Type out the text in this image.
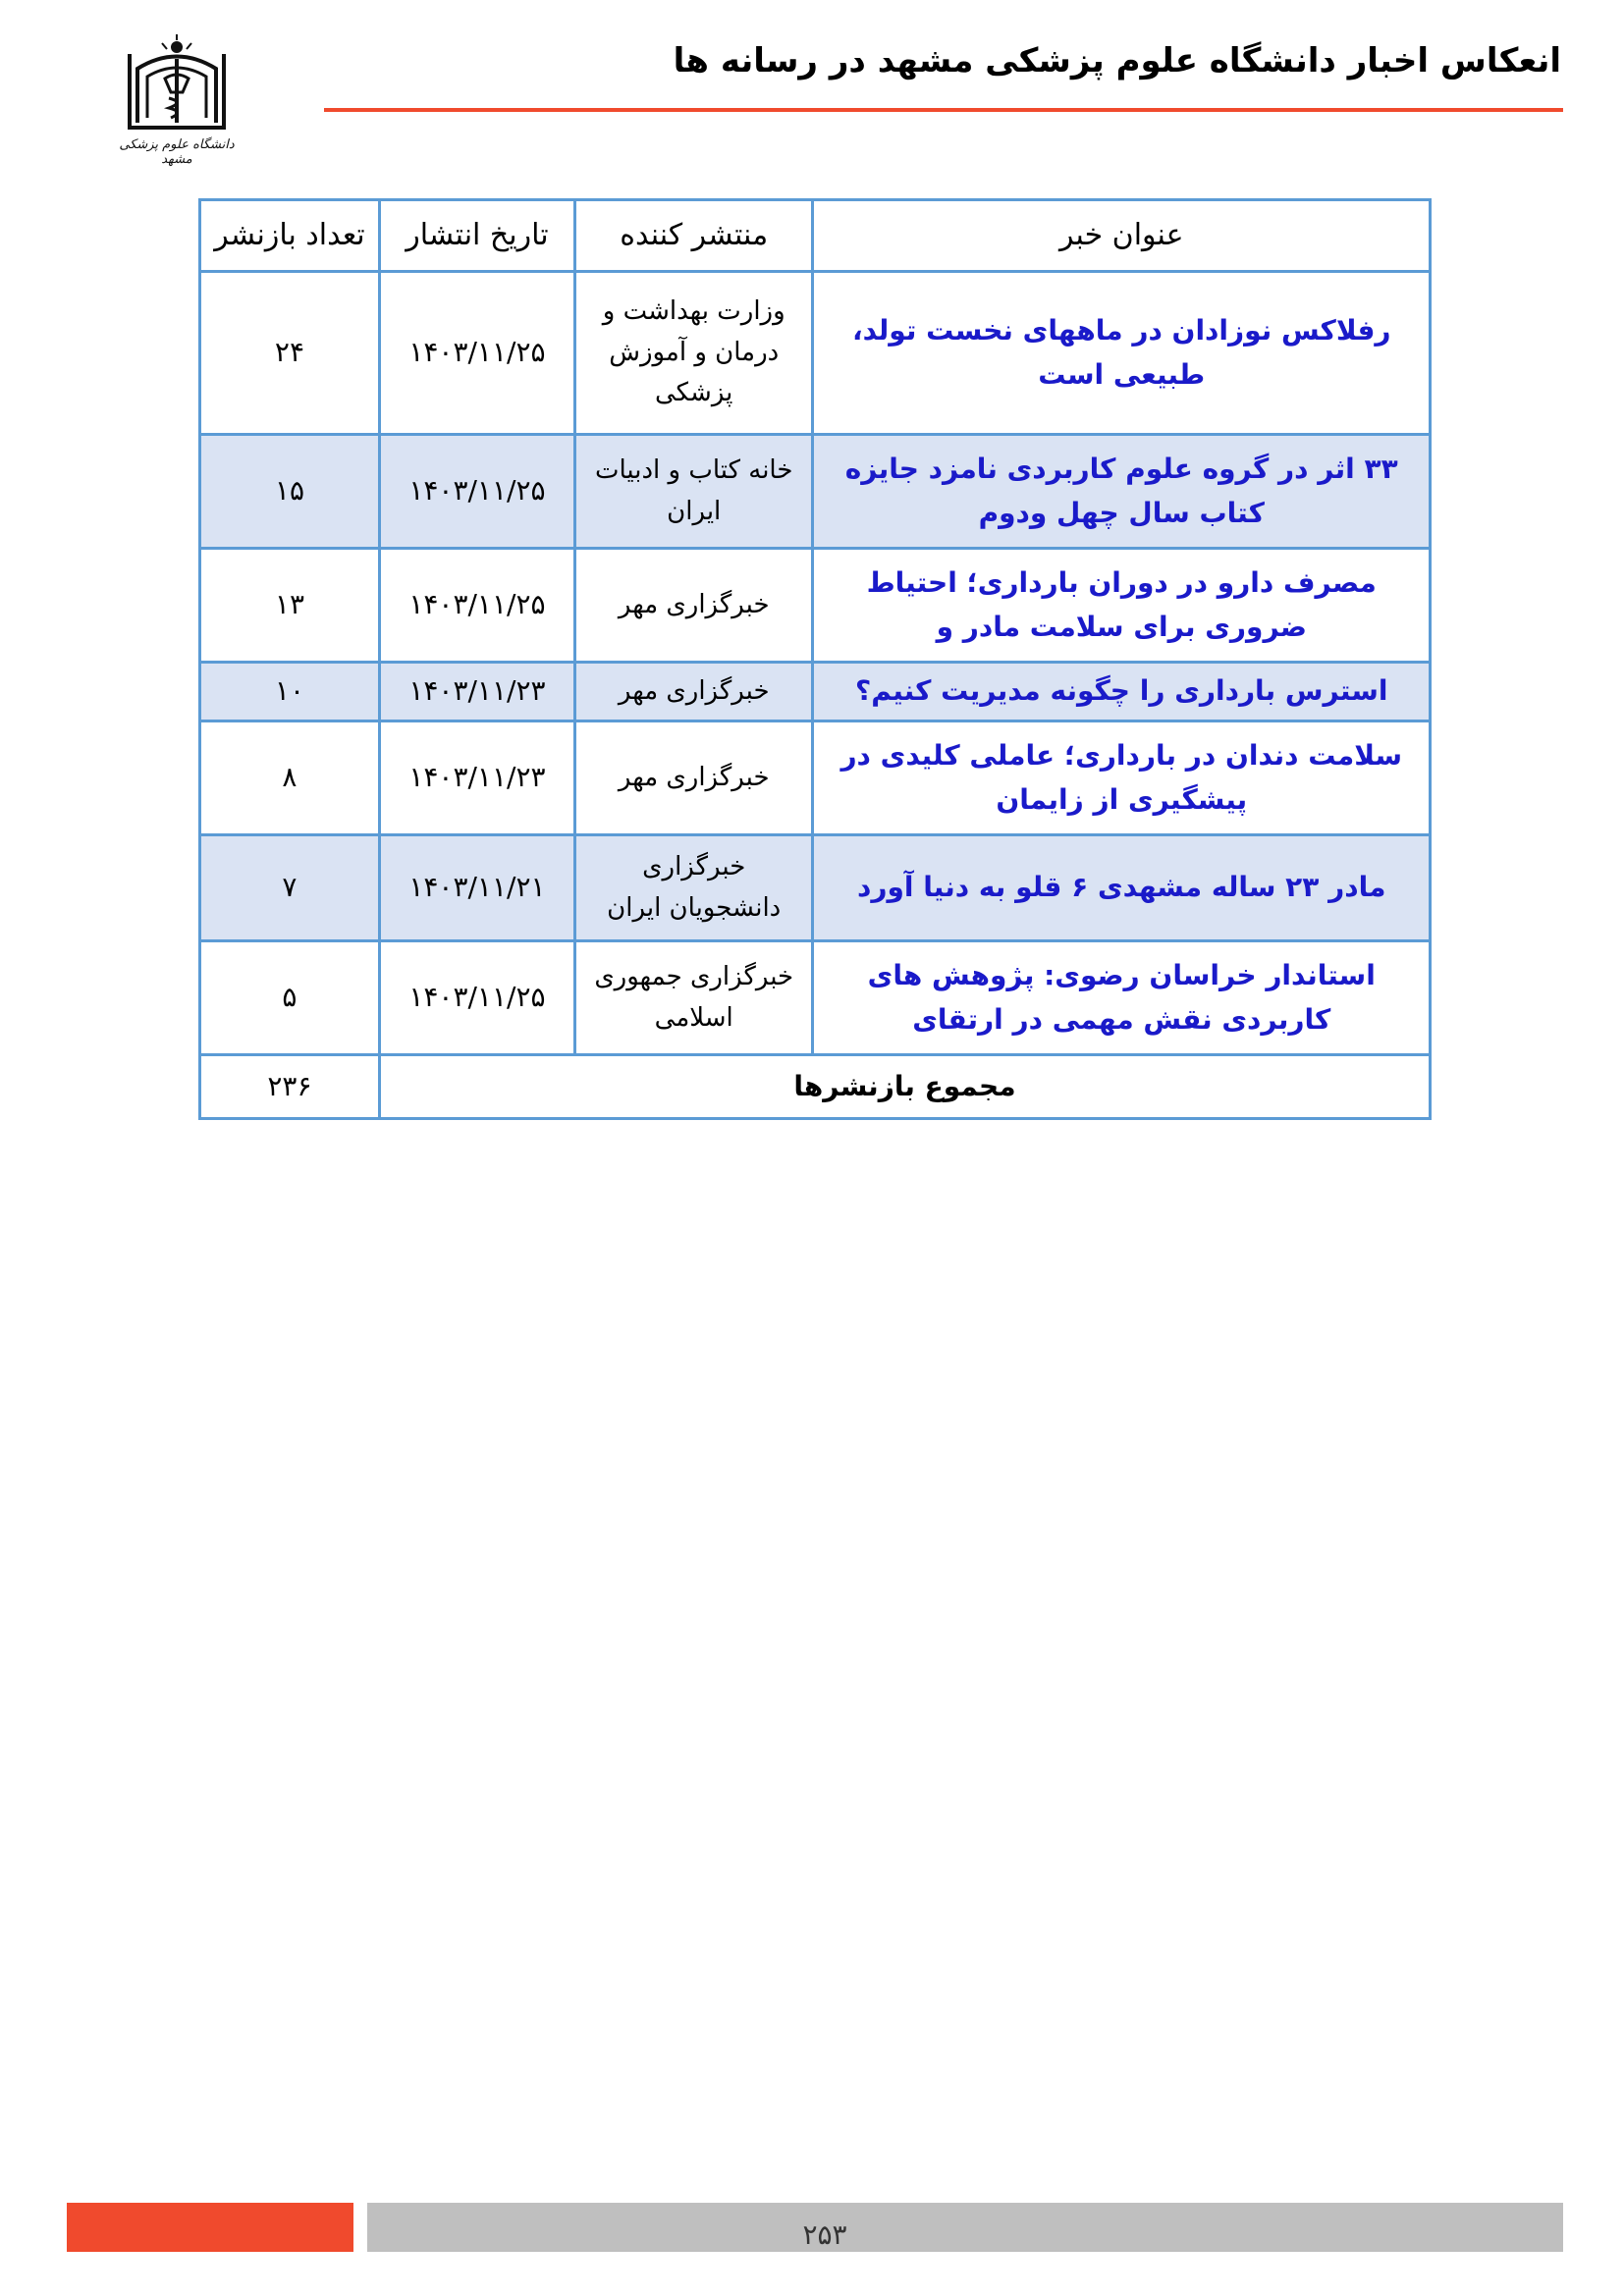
انعکاس اخبار دانشگاه علوم پزشکی مشهد در رسانه ها
دانشگاه علوم پزشکی مشهد
عنوان خبر	منتشر کننده	تاریخ انتشار	تعداد بازنشر
رفلاکس نوزادان در ماههای نخست تولد، طبیعی است	وزارت بهداشت و درمان و آموزش پزشکی	۱۴۰۳/۱۱/۲۵	۲۴
۳۳ اثر در گروه علوم کاربردی نامزد جایزه کتاب سال چهل ودوم	خانه کتاب و ادبیات ایران	۱۴۰۳/۱۱/۲۵	۱۵
مصرف دارو در دوران بارداری؛ احتیاط ضروری برای سلامت مادر و	خبرگزاری مهر	۱۴۰۳/۱۱/۲۵	۱۳
استرس بارداری را چگونه مدیریت کنیم؟	خبرگزاری مهر	۱۴۰۳/۱۱/۲۳	۱۰
سلامت دندان در بارداری؛ عاملی کلیدی در پیشگیری از زایمان	خبرگزاری مهر	۱۴۰۳/۱۱/۲۳	۸
مادر ۲۳ ساله مشهدی ۶ قلو به دنیا آورد	خبرگزاری دانشجویان ایران	۱۴۰۳/۱۱/۲۱	۷
استاندار خراسان رضوی: پژوهش های کاربردی نقش مهمی در ارتقای	خبرگزاری جمهوری اسلامی	۱۴۰۳/۱۱/۲۵	۵
مجموع بازنشرها			۲۳۶
۲۵۳
